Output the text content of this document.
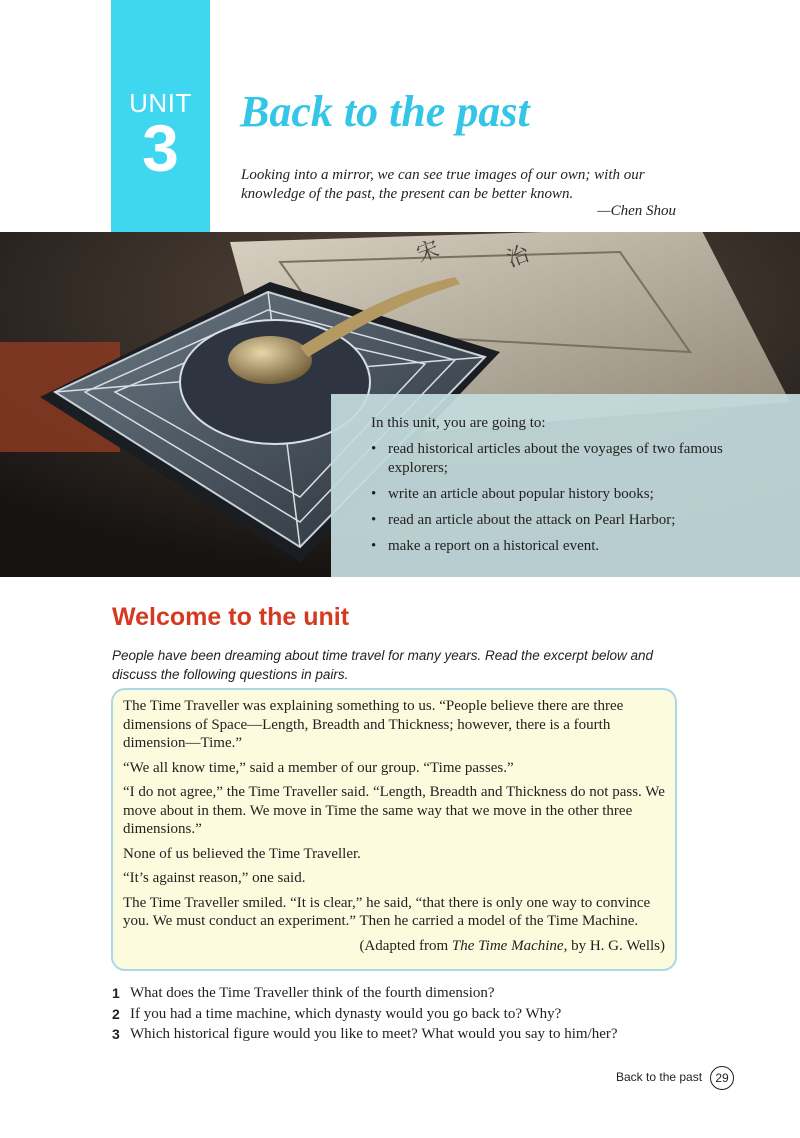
UNIT
3	Back to the past
Looking into a mirror, we can see true images of our own; with our knowledge of the past, the present can be better known.
—Chen Shou
宋	治

In this unit, you are going to:

• read historical articles about the voyages of two famous explorers;
• write an article about popular history books;
• read an article about the attack on Pearl Harbor;
• make a report on a historical event.
Welcome to the unit
People have been dreaming about time travel for many years. Read the excerpt below and discuss the following questions in pairs.

The Time Traveller was explaining something to us. “People believe there are three dimensions of Space—Length, Breadth and Thickness; however, there is a fourth dimension—Time.”

“We all know time,” said a member of our group. “Time passes.”

“I do not agree,” the Time Traveller said. “Length, Breadth and Thickness do not pass. We move about in them. We move in Time the same way that we move in the other three dimensions.”

None of us believed the Time Traveller.

“It’s against reason,” one said.

The Time Traveller smiled. “It is clear,” he said, “that there is only one way to convince you. We must conduct an experiment.” Then he carried a model of the Time Machine.

(Adapted from The Time Machine, by H. G. Wells)

1 What does the Time Traveller think of the fourth dimension?
2 If you had a time machine, which dynasty would you go back to? Why?
3 Which historical figure would you like to meet? What would you say to him/her?
Back to the past	29
